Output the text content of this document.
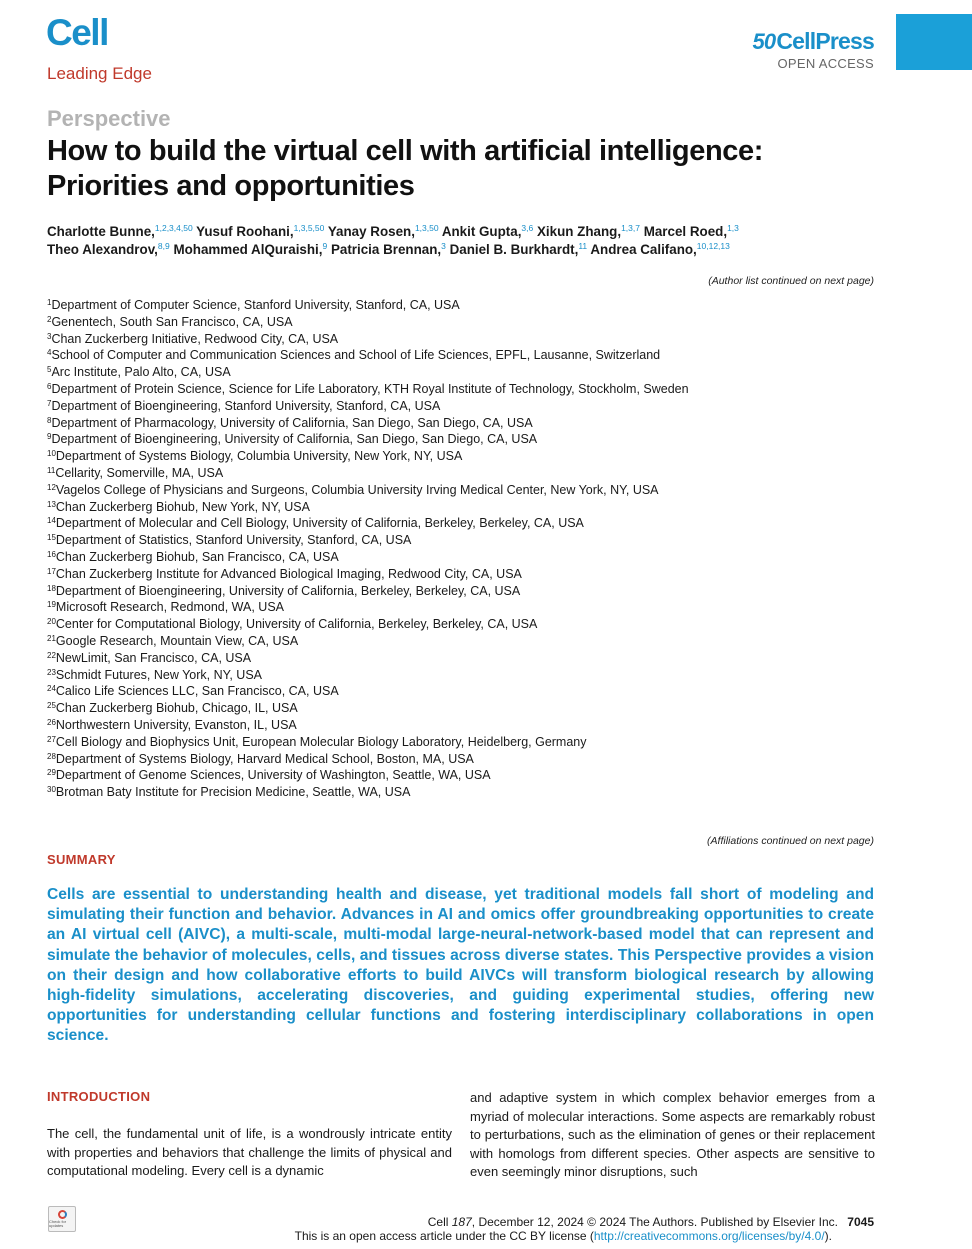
Cell
Leading Edge
50 CellPress
OPEN ACCESS
Perspective
How to build the virtual cell with artificial intelligence: Priorities and opportunities
Charlotte Bunne,$^{1,2,3,4,50}$ Yusuf Roohani,$^{1,3,5,50}$ Yanay Rosen,$^{1,3,50}$ Ankit Gupta,$^{3,6}$ Xikun Zhang,$^{1,3,7}$ Marcel Roed,$^{1,3}$
Theo Alexandrov,$^{8,9}$ Mohammed AlQuraishi,$^9$ Patricia Brennan,$^3$ Daniel B. Burkhardt,$^{11}$ Andrea Califano,$^{10,12,13}$
(Author list continued on next page)
$^1$Department of Computer Science, Stanford University, Stanford, CA, USA
$^2$Genentech, South San Francisco, CA, USA
$^3$Chan Zuckerberg Initiative, Redwood City, CA, USA
$^4$School of Computer and Communication Sciences and School of Life Sciences, EPFL, Lausanne, Switzerland
$^5$Arc Institute, Palo Alto, CA, USA
$^6$Department of Protein Science, Science for Life Laboratory, KTH Royal Institute of Technology, Stockholm, Sweden
$^7$Department of Bioengineering, Stanford University, Stanford, CA, USA
$^8$Department of Pharmacology, University of California, San Diego, San Diego, CA, USA
$^9$Department of Bioengineering, University of California, San Diego, San Diego, CA, USA
$^{10}$Department of Systems Biology, Columbia University, New York, NY, USA
$^{11}$Cellarity, Somerville, MA, USA
$^{12}$Vagelos College of Physicians and Surgeons, Columbia University Irving Medical Center, New York, NY, USA
$^{13}$Chan Zuckerberg Biohub, New York, NY, USA
$^{14}$Department of Molecular and Cell Biology, University of California, Berkeley, Berkeley, CA, USA
$^{15}$Department of Statistics, Stanford University, Stanford, CA, USA
$^{16}$Chan Zuckerberg Biohub, San Francisco, CA, USA
$^{17}$Chan Zuckerberg Institute for Advanced Biological Imaging, Redwood City, CA, USA
$^{18}$Department of Bioengineering, University of California, Berkeley, Berkeley, CA, USA
$^{19}$Microsoft Research, Redmond, WA, USA
$^{20}$Center for Computational Biology, University of California, Berkeley, Berkeley, CA, USA
$^{21}$Google Research, Mountain View, CA, USA
$^{22}$NewLimit, San Francisco, CA, USA
$^{23}$Schmidt Futures, New York, NY, USA
$^{24}$Calico Life Sciences LLC, San Francisco, CA, USA
$^{25}$Chan Zuckerberg Biohub, Chicago, IL, USA
$^{26}$Northwestern University, Evanston, IL, USA
$^{27}$Cell Biology and Biophysics Unit, European Molecular Biology Laboratory, Heidelberg, Germany
$^{28}$Department of Systems Biology, Harvard Medical School, Boston, MA, USA
$^{29}$Department of Genome Sciences, University of Washington, Seattle, WA, USA
$^{30}$Brotman Baty Institute for Precision Medicine, Seattle, WA, USA
(Affiliations continued on next page)
SUMMARY
Cells are essential to understanding health and disease, yet traditional models fall short of modeling and simulating their function and behavior. Advances in AI and omics offer groundbreaking opportunities to create an AI virtual cell (AIVC), a multi-scale, multi-modal large-neural-network-based model that can represent and simulate the behavior of molecules, cells, and tissues across diverse states. This Perspective provides a vision on their design and how collaborative efforts to build AIVCs will transform biological research by allowing high-fidelity simulations, accelerating discoveries, and guiding experimental studies, offering new opportunities for understanding cellular functions and fostering interdisciplinary collaborations in open science.
INTRODUCTION
The cell, the fundamental unit of life, is a wondrously intricate entity with properties and behaviors that challenge the limits of physical and computational modeling. Every cell is a dynamic
and adaptive system in which complex behavior emerges from a myriad of molecular interactions. Some aspects are remarkably robust to perturbations, such as the elimination of genes or their replacement with homologs from different species. Other aspects are sensitive to even seemingly minor disruptions, such
Check for updates	Cell 187, December 12, 2024 © 2024 The Authors. Published by Elsevier Inc. 7045
This is an open access article under the CC BY license (http://creativecommons.org/licenses/by/4.0/).
